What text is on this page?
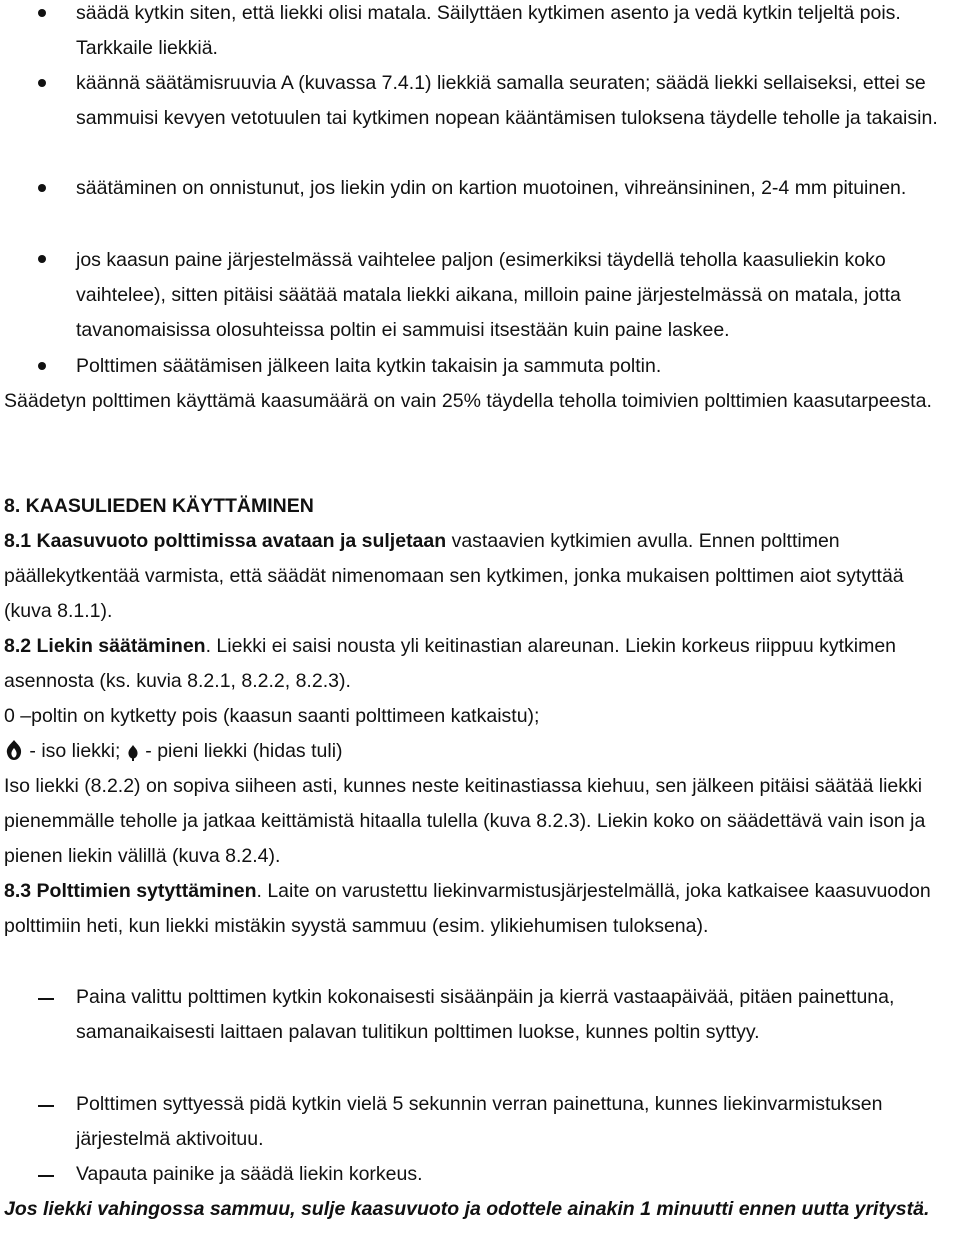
säädä kytkin siten, että liekki olisi matala. Säilyttäen kytkimen asento ja vedä kytkin teljeltä pois. Tarkkaile liekkiä.
käännä säätämisruuvia A (kuvassa 7.4.1) liekkiä samalla seuraten; säädä liekki sellaiseksi, ettei se sammuisi kevyen vetotuulen tai kytkimen nopean kääntämisen tuloksena täydelle teholle ja takaisin.
säätäminen on onnistunut, jos liekin ydin on kartion muotoinen, vihreänsininen, 2-4 mm pituinen.
jos kaasun paine järjestelmässä vaihtelee paljon (esimerkiksi täydellä teholla kaasuliekin koko vaihtelee), sitten pitäisi säätää matala liekki aikana, milloin paine järjestelmässä on matala, jotta tavanomaisissa olosuhteissa poltin ei sammuisi itsestään kuin paine laskee.
Polttimen säätämisen jälkeen laita kytkin takaisin ja sammuta poltin.
Säädetyn polttimen käyttämä kaasumäärä on vain 25% täydella teholla toimivien polttimien kaasutarpeesta.
8. KAASULIEDEN KÄYTTÄMINEN
8.1 Kaasuvuoto polttimissa avataan ja suljetaan vastaavien kytkimien avulla. Ennen polttimen päällekytkentää varmista, että säädät nimenomaan sen kytkimen, jonka mukaisen polttimen aiot sytyttää (kuva 8.1.1).
8.2 Liekin säätäminen. Liekki ei saisi nousta yli keitinastian alareunan. Liekin korkeus riippuu kytkimen asennosta (ks. kuvia 8.2.1, 8.2.2, 8.2.3).
0 –poltin on kytketty pois (kaasun saanti polttimeen katkaistu);
- iso liekki;  - pieni liekki (hidas tuli)
Iso liekki (8.2.2) on sopiva siiheen asti, kunnes neste keitinastiassa kiehuu, sen jälkeen pitäisi säätää liekki pienemmälle teholle ja jatkaa keittämistä hitaalla tulella (kuva 8.2.3). Liekin koko on säädettävä vain ison ja pienen liekin välillä (kuva 8.2.4).
8.3 Polttimien sytyttäminen. Laite on varustettu liekinvarmistusjärjestelmällä, joka katkaisee kaasuvuodon polttimiin heti, kun liekki mistäkin syystä sammuu (esim. ylikiehumisen tuloksena).
Paina valittu polttimen kytkin kokonaisesti sisäänpäin ja kierrä vastaapäivää, pitäen painettuna, samanaikaisesti laittaen palavan tulitikun polttimen luokse, kunnes poltin syttyy.
Polttimen syttyessä pidä kytkin vielä 5 sekunnin verran painettuna, kunnes liekinvarmistuksen järjestelmä aktivoituu.
Vapauta painike ja säädä liekin korkeus.
Jos liekki vahingossa sammuu, sulje kaasuvuoto ja odottele ainakin 1 minuutti ennen uutta yritystä.
